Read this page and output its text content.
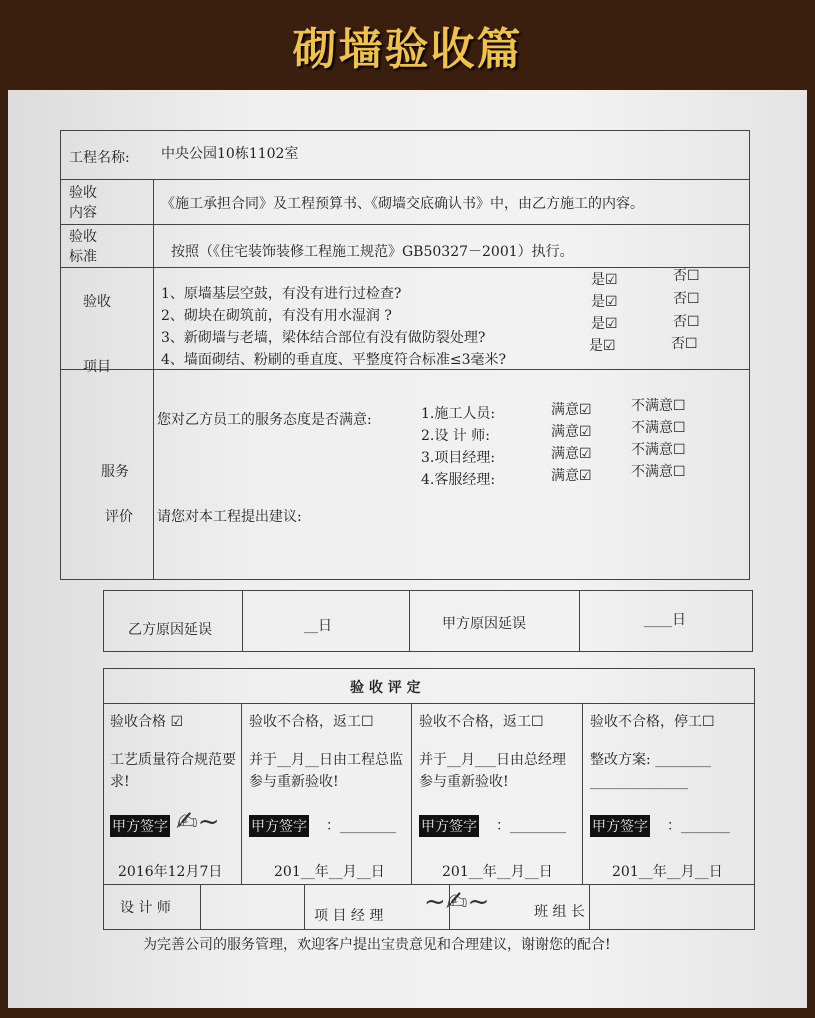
砌墙验收篇
工程名称: 中央公园10栋1102室
验收内容
《施工承担合同》及工程预算书、《砌墙交底确认书》中，由乙方施工的内容。
验收标准	按照（《住宅装饰装修工程施工规范》GB50327－2001）执行。
验收
项目
1、原墙基层空鼓，有没有进行过检查?
是☑	否☐
2、砌块在砌筑前，有没有用水湿润 ?
是☑	否☐
3、新砌墙与老墙，梁体结合部位有没有做防裂处理?
是☑	否☐
4、墙面砌结、粉刷的垂直度、平整度符合标准≤3毫米?
是☑	否☐
服务
评价
您对乙方员工的服务态度是否满意:	1.施工人员:	满意☑	不满意☐
2.设 计 师:	满意☑	不满意☐
3.项目经理:	满意☑	不满意☐
4.客服经理:	满意☑	不满意☐
请您对本工程提出建议:
乙方原因延误	__日	甲方原因延误	____日
验 收 评 定
验收合格 ☑
工艺质量符合规范要求!
甲方签字 ✍~
2016年12月7日
验收不合格，返工☐
并于__月__日由工程总监参与重新验收!
甲方签字 ：________
201__年__月__日
验收不合格，返工☐
并于__月___日由总经理参与重新验收!
甲方签字 ：________
201__年__月__日
验收不合格，停工☐
整改方案: ________ ______________
甲方签字 ：_______
201__年__月__日
设 计 师	项 目 经 理 ~✍~	班 组 长
为完善公司的服务管理，欢迎客户提出宝贵意见和合理建议，谢谢您的配合!
